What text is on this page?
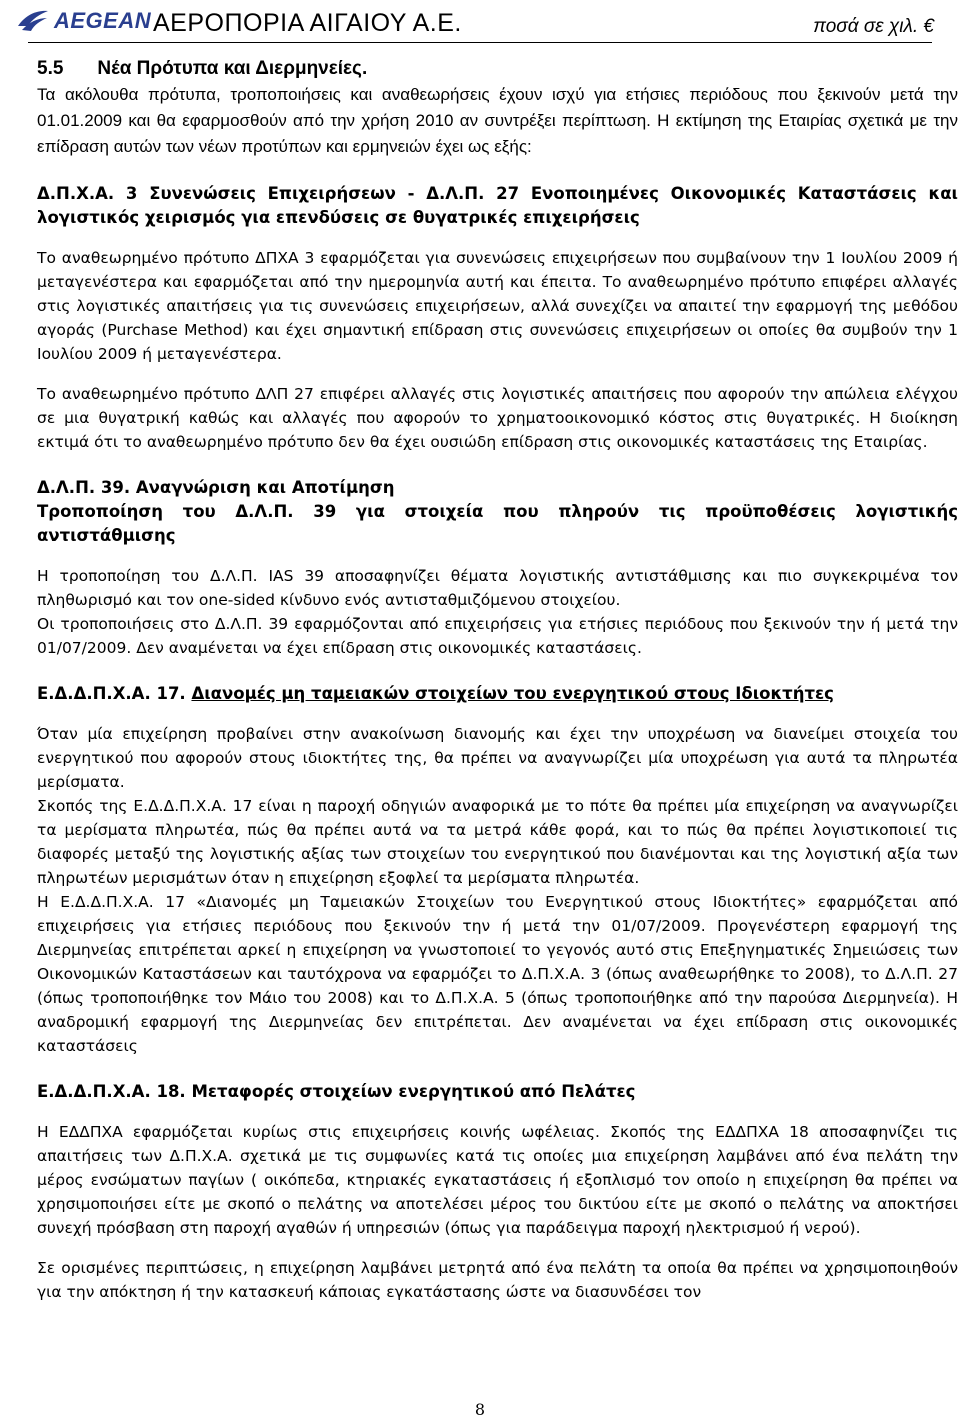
AEGEAN ΑΕΡΟΠΟΡΙΑ ΑΙΓΑΙΟΥ Α.Ε.	ποσά σε χιλ. €
5.5 Νέα Πρότυπα και Διερμηνείες.

Τα ακόλουθα πρότυπα, τροποποιήσεις και αναθεωρήσεις έχουν ισχύ για ετήσιες περιόδους που ξεκινούν μετά την 01.01.2009 και θα εφαρμοσθούν από την χρήση 2010 αν συντρέξει περίπτωση. Η εκτίμηση της Εταιρίας σχετικά με την επίδραση αυτών των νέων προτύπων και ερμηνειών έχει ως εξής:

Δ.Π.Χ.Α. 3 Συνενώσεις Επιχειρήσεων - Δ.Λ.Π. 27 Ενοποιημένες Οικονομικές Καταστάσεις και λογιστικός χειρισμός για επενδύσεις σε θυγατρικές επιχειρήσεις

Το αναθεωρημένο πρότυπο ΔΠΧΑ 3 εφαρμόζεται για συνενώσεις επιχειρήσεων που συμβαίνουν την 1 Ιουλίου 2009 ή μεταγενέστερα και εφαρμόζεται από την ημερομηνία αυτή και έπειτα. Το αναθεωρημένο πρότυπο επιφέρει αλλαγές στις λογιστικές απαιτήσεις για τις συνενώσεις επιχειρήσεων, αλλά συνεχίζει να απαιτεί την εφαρμογή της μεθόδου αγοράς (Purchase Method) και έχει σημαντική επίδραση στις συνενώσεις επιχειρήσεων οι οποίες θα συμβούν την 1 Ιουλίου 2009 ή μεταγενέστερα.

Το αναθεωρημένο πρότυπο ΔΛΠ 27 επιφέρει αλλαγές στις λογιστικές απαιτήσεις που αφορούν την απώλεια ελέγχου σε μια θυγατρική καθώς και αλλαγές που αφορούν το χρηματοοικονομικό κόστος στις θυγατρικές. Η διοίκηση εκτιμά ότι το αναθεωρημένο πρότυπο δεν θα έχει ουσιώδη επίδραση στις οικονομικές καταστάσεις της Εταιρίας.

Δ.Λ.Π. 39. Αναγνώριση και Αποτίμηση

Τροποποίηση του Δ.Λ.Π. 39 για στοιχεία που πληρούν τις προϋποθέσεις λογιστικής αντιστάθμισης

Η τροποποίηση του Δ.Λ.Π. IAS 39 αποσαφηνίζει θέματα λογιστικής αντιστάθμισης και πιο συγκεκριμένα τον πληθωρισμό και τον one-sided κίνδυνο ενός αντισταθμιζόμενου στοιχείου.

Οι τροποποιήσεις στο Δ.Λ.Π. 39 εφαρμόζονται από επιχειρήσεις για ετήσιες περιόδους που ξεκινούν την ή μετά την 01/07/2009. Δεν αναμένεται να έχει επίδραση στις οικονομικές καταστάσεις.

Ε.Δ.Δ.Π.Χ.Α. 17. Διανομές μη ταμειακών στοιχείων του ενεργητικού στους Ιδιοκτήτες

Όταν μία επιχείρηση προβαίνει στην ανακοίνωση διανομής και έχει την υποχρέωση να διανείμει στοιχεία του ενεργητικού που αφορούν στους ιδιοκτήτες της, θα πρέπει να αναγνωρίζει μία υποχρέωση για αυτά τα πληρωτέα μερίσματα.

Σκοπός της Ε.Δ.Δ.Π.Χ.Α. 17 είναι η παροχή οδηγιών αναφορικά με το πότε θα πρέπει μία επιχείρηση να αναγνωρίζει τα μερίσματα πληρωτέα, πώς θα πρέπει αυτά να τα μετρά κάθε φορά, και το πώς θα πρέπει λογιστικοποιεί τις διαφορές μεταξύ της λογιστικής αξίας των στοιχείων του ενεργητικού που διανέμονται και της λογιστική αξία των πληρωτέων μερισμάτων όταν η επιχείρηση εξοφλεί τα μερίσματα πληρωτέα.

Η Ε.Δ.Δ.Π.Χ.Α. 17 «Διανομές μη Ταμειακών Στοιχείων του Ενεργητικού στους Ιδιοκτήτες» εφαρμόζεται από επιχειρήσεις για ετήσιες περιόδους που ξεκινούν την ή μετά την 01/07/2009. Προγενέστερη εφαρμογή της Διερμηνείας επιτρέπεται αρκεί η επιχείρηση να γνωστοποιεί το γεγονός αυτό στις Επεξηγηματικές Σημειώσεις των Οικονομικών Καταστάσεων και ταυτόχρονα να εφαρμόζει το Δ.Π.Χ.Α. 3 (όπως αναθεωρήθηκε το 2008), το Δ.Λ.Π. 27 (όπως τροποποιήθηκε τον Μάιο του 2008) και το Δ.Π.Χ.Α. 5 (όπως τροποποιήθηκε από την παρούσα Διερμηνεία). Η αναδρομική εφαρμογή της Διερμηνείας δεν επιτρέπεται. Δεν αναμένεται να έχει επίδραση στις οικονομικές καταστάσεις

Ε.Δ.Δ.Π.Χ.Α. 18. Μεταφορές στοιχείων ενεργητικού από Πελάτες

Η ΕΔΔΠΧΑ εφαρμόζεται κυρίως στις επιχειρήσεις κοινής ωφέλειας. Σκοπός της ΕΔΔΠΧΑ 18 αποσαφηνίζει τις απαιτήσεις των Δ.Π.Χ.Α. σχετικά με τις συμφωνίες κατά τις οποίες μια επιχείρηση λαμβάνει από ένα πελάτη την μέρος ενσώματων παγίων ( οικόπεδα, κτηριακές εγκαταστάσεις ή εξοπλισμό τον οποίο η επιχείρηση θα πρέπει να χρησιμοποιήσει είτε με σκοπό ο πελάτης να αποτελέσει μέρος του δικτύου είτε με σκοπό ο πελάτης να αποκτήσει συνεχή πρόσβαση στη παροχή αγαθών ή υπηρεσιών (όπως για παράδειγμα παροχή ηλεκτρισμού ή νερού).

Σε ορισμένες περιπτώσεις, η επιχείρηση λαμβάνει μετρητά από ένα πελάτη τα οποία θα πρέπει να χρησιμοποιηθούν για την απόκτηση ή την κατασκευή κάποιας εγκατάστασης ώστε να διασυνδέσει τον

8
